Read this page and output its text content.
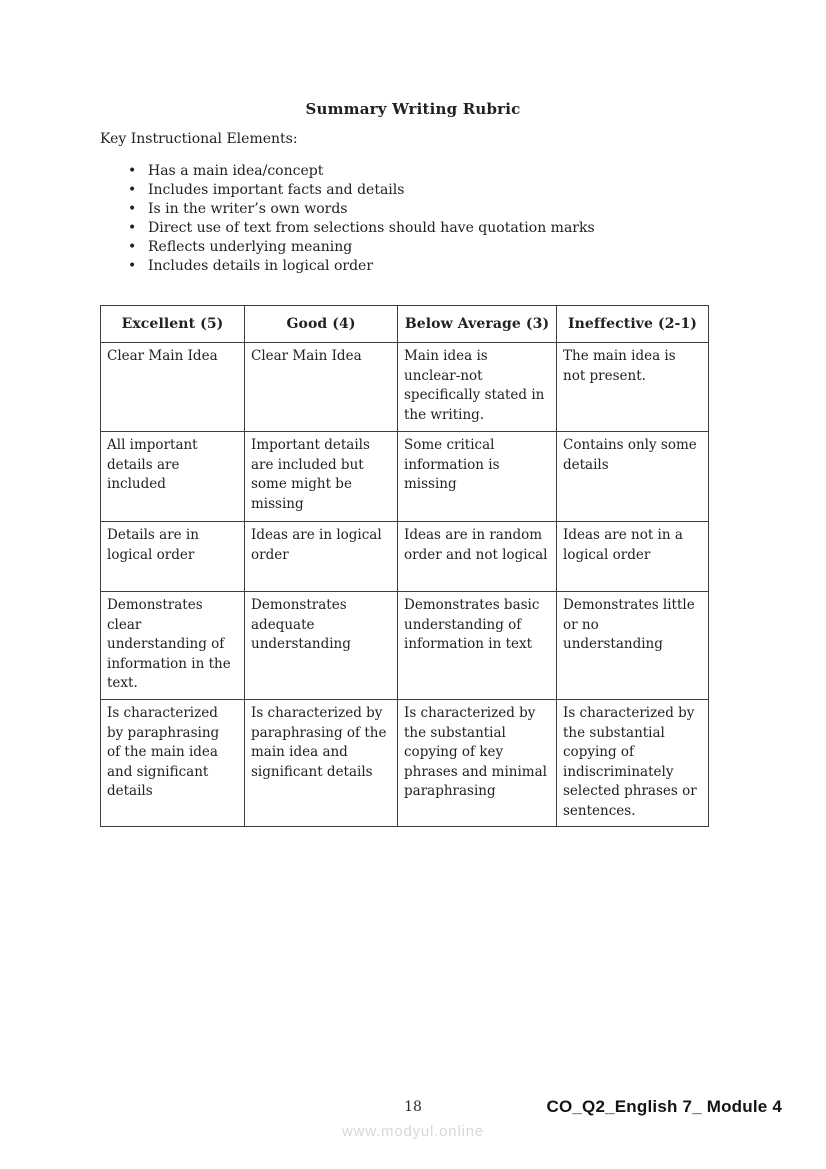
Summary Writing Rubric
Key Instructional Elements:
• Has a main idea/concept
• Includes important facts and details
• Is in the writer’s own words
• Direct use of text from selections should have quotation marks
• Reflects underlying meaning
• Includes details in logical order
Excellent (5)	Good (4)	Below Average (3)	Ineffective (2-1)
Clear Main Idea	Clear Main Idea	Main idea is unclear-not specifically stated in the writing.	The main idea is not present.
All important details are included	Important details are included but some might be missing	Some critical information is missing	Contains only some details
Details are in logical order	Ideas are in logical order	Ideas are in random order and not logical	Ideas are not in a logical order
Demonstrates clear understanding of information in the text.	Demonstrates adequate understanding	Demonstrates basic understanding of information in text	Demonstrates little or no understanding
Is characterized by paraphrasing of the main idea and significant details	Is characterized by paraphrasing of the main idea and significant details	Is characterized by the substantial copying of key phrases and minimal paraphrasing	Is characterized by the substantial copying of indiscriminately selected phrases or sentences.
18	CO_Q2_English 7_ Module 4
www.modyul.online
